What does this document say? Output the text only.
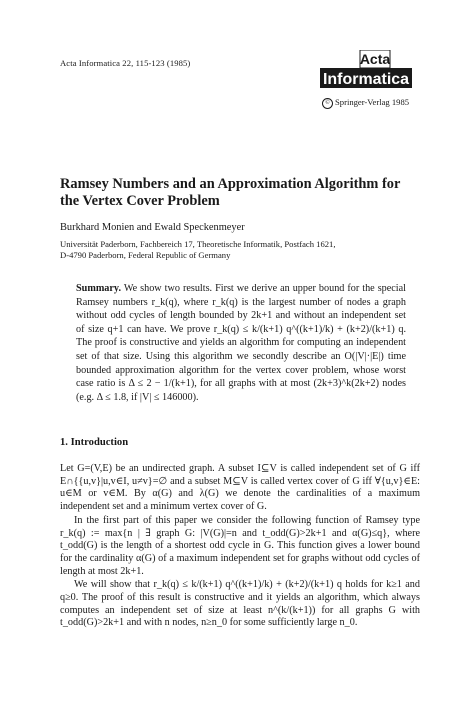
Acta Informatica 22, 115-123 (1985)	Acta
Informatica
© Springer-Verlag 1985
Ramsey Numbers and an Approximation Algorithm for the Vertex Cover Problem
Burkhard Monien and Ewald Speckenmeyer
Universität Paderborn, Fachbereich 17, Theoretische Informatik, Postfach 1621,
D-4790 Paderborn, Federal Republic of Germany

Summary. We show two results. First we derive an upper bound for the special Ramsey numbers r_k(q), where r_k(q) is the largest number of nodes a graph without odd cycles of length bounded by 2k+1 and without an independent set of size q+1 can have. We prove r_k(q) ≤ k/(k+1) q^((k+1)/k) + (k+2)/(k+1) q. The proof is constructive and yields an algorithm for computing an independent set of that size. Using this algorithm we secondly describe an O(|V|·|E|) time bounded approximation algorithm for the vertex cover problem, whose worst case ratio is Δ ≤ 2 − 1/(k+1), for all graphs with at most (2k+3)^k(2k+2) nodes (e.g. Δ ≤ 1.8, if |V| ≤ 146000).

1. Introduction

Let G=(V,E) be an undirected graph. A subset I⊆V is called independent set of G iff E∩{{u,v}|u,v∈I, u≠v}=∅ and a subset M⊆V is called vertex cover of G iff ∀{u,v}∈E: u∈M or v∈M. By α(G) and λ(G) we denote the cardinalities of a maximum independent set and a minimum vertex cover of G.

In the first part of this paper we consider the following function of Ramsey type r_k(q) := max{n | ∃ graph G: |V(G)|=n and t_odd(G)>2k+1 and α(G)≤q}, where t_odd(G) is the length of a shortest odd cycle in G. This function gives a lower bound for the cardinality α(G) of a maximum independent set for graphs without odd cycles of length at most 2k+1.

We will show that r_k(q) ≤ k/(k+1) q^((k+1)/k) + (k+2)/(k+1) q holds for k≥1 and q≥0. The proof of this result is constructive and it yields an algorithm, which always computes an independent set of size at least n^(k/(k+1)) for all graphs G with t_odd(G)>2k+1 and with n nodes, n≥n_0 for some sufficiently large n_0.
